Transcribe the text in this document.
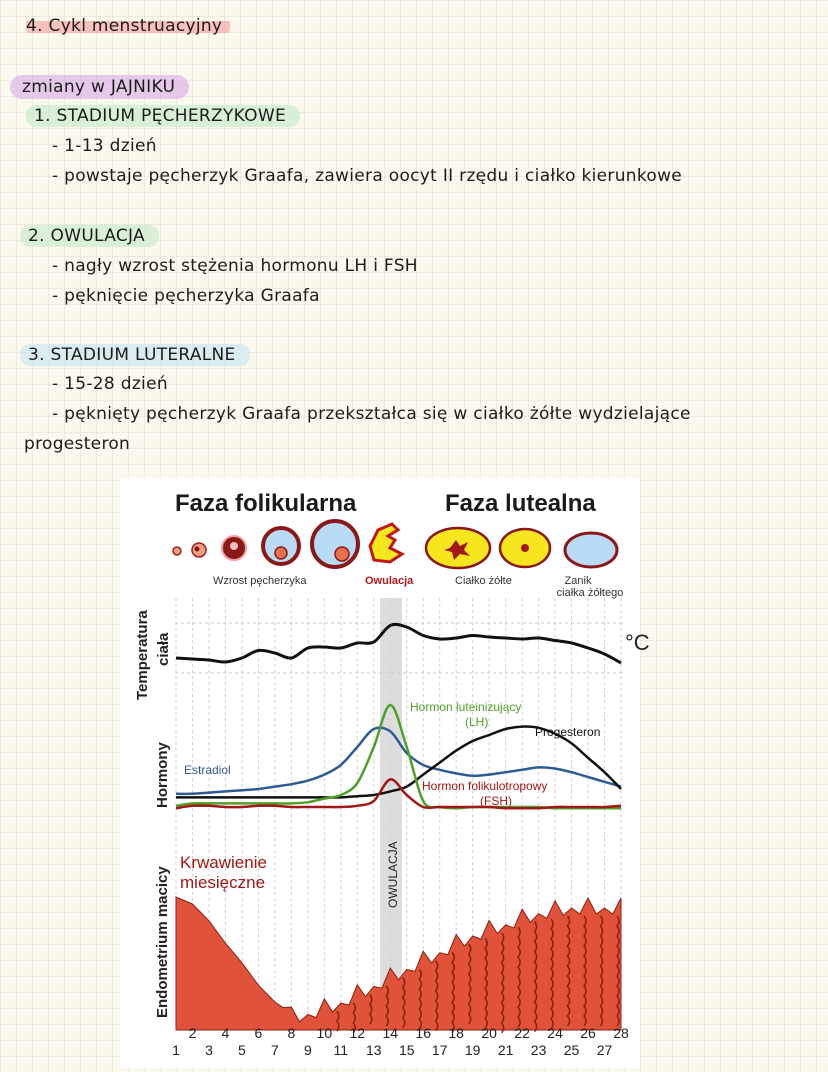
4. Cykl menstruacyjny
zmiany w JAJNIKU
1. STADIUM PĘCHERZYKOWE
- 1-13 dzień
- powstaje pęcherzyk Graafa, zawiera oocyt II rzędu i ciałko kierunkowe
2. OWULACJA
- nagły wzrost stężenia hormonu LH i FSH
- pęknięcie pęcherzyka Graafa
3. STADIUM LUTERALNE
- 15-28 dzień
- pęknięty pęcherzyk Graafa przekształca się w ciałko żółte wydzielające
progesteron
Faza folikularna	Faza lutealna
Wzrost pęcherzyka	Owulacja	Ciałko żółte	Zanik
ciałka żółtego
OWULACJA
Temperatura ciała
Hormony
Endometrium macicy
°C
Hormon luteinizujący
(LH)
Progesteron
Estradiol
Hormon folikulotropowy
(FSH)
Krwawienie
miesięczne
2 4 6 8 10 12 14 16 18 20 22 24 26 28
1 3 5 7 9 11 13 15 17 19 21 23 25 27
